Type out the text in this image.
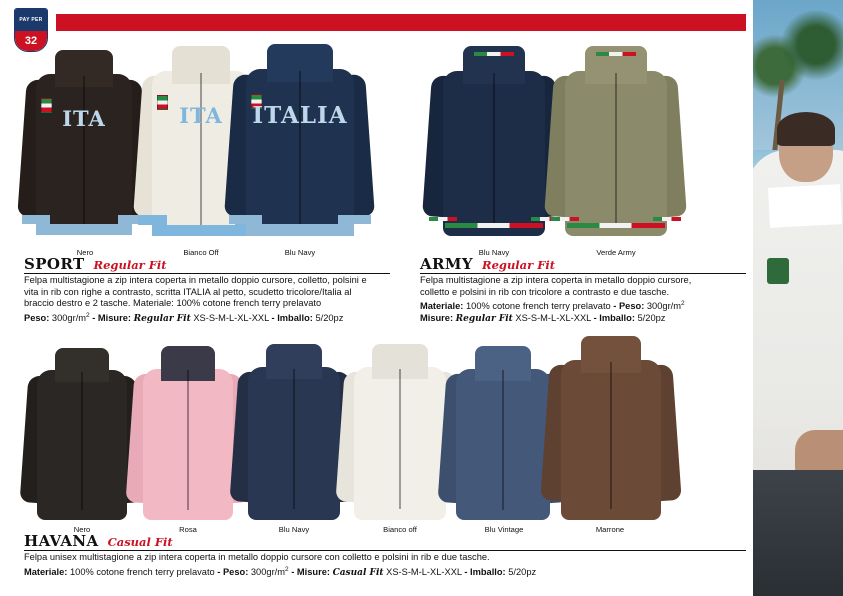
PAY PER
32
ITA
Nero
ITA
Bianco Off
ITALIA
Blu Navy
SPORT Regular Fit
Felpa multistagione a zip intera coperta in metallo doppio cursore, colletto, polsini e
vita in rib con righe a contrasto, scritta ITALIA al petto, scudetto tricolore/Italia al
braccio destro e 2 tasche. Materiale: 100% cotone french terry prelavato
Peso: $300gr/m^2$ - Misure: Regular Fit XS-S-M-L-XL-XXL - Imballo: 5/20pz
Blu Navy	Verde Army
ARMY Regular Fit
Felpa multistagione a zip intera coperta in metallo doppio cursore,
colletto e polsini in rib con tricolore a contrasto e due tasche.
Materiale: 100% cotone french terry prelavato - Peso: $300gr/m^2$
Misure: Regular Fit XS-S-M-L-XL-XXL - Imballo: 5/20pz
Nero	Rosa	Blu Navy	Bianco off	Blu Vintage	Marrone
HAVANA Casual Fit
Felpa unisex multistagione a zip intera coperta in metallo doppio cursore con colletto e polsini in rib e due tasche.
Materiale: 100% cotone french terry prelavato - Peso: $300gr/m^2$ - Misure: Casual Fit XS-S-M-L-XL-XXL - Imballo: 5/20pz
